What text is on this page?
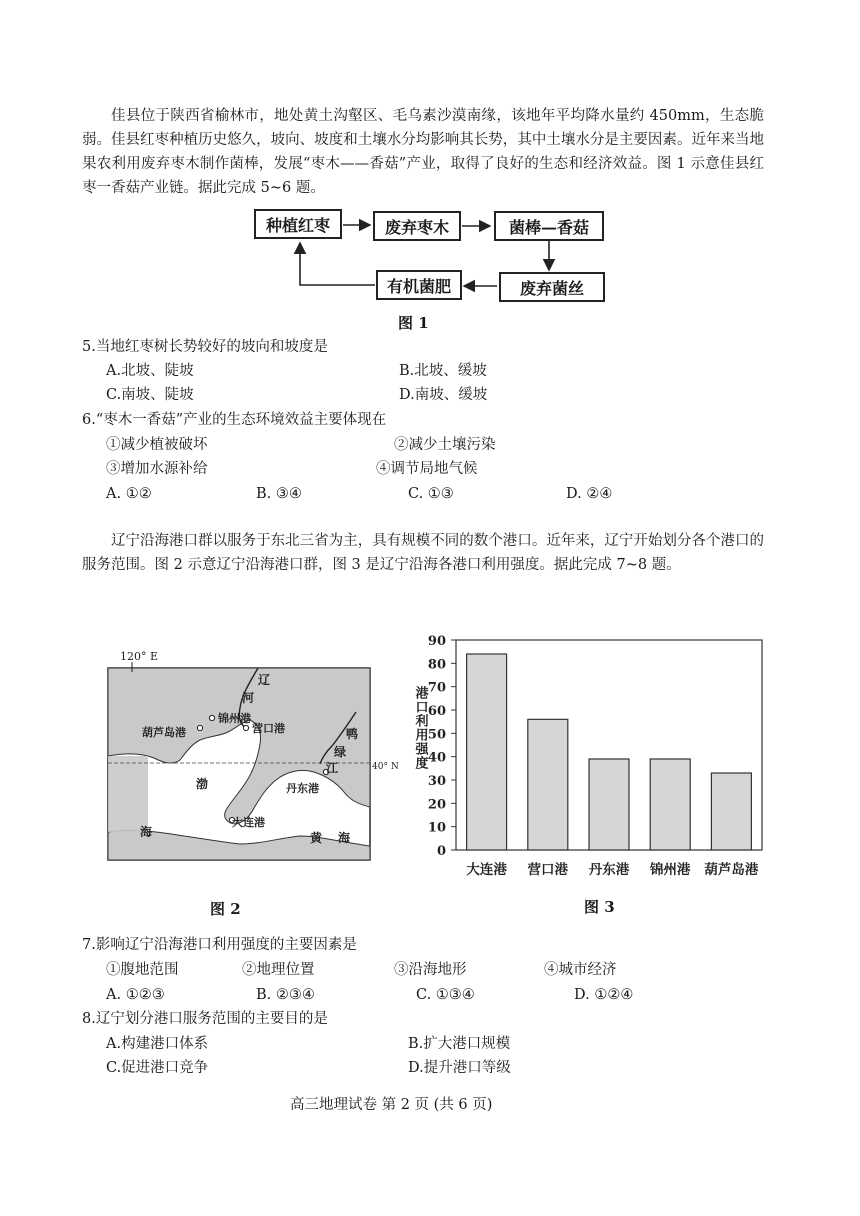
佳县位于陕西省榆林市，地处黄土沟壑区、毛乌素沙漠南缘，该地年平均降水量约 450mm，生态脆弱。佳县红枣种植历史悠久，坡向、坡度和土壤水分均影响其长势，其中土壤水分是主要因素。近年来当地果农利用废弃枣木制作菌棒，发展“枣木——香菇”产业，取得了良好的生态和经济效益。图 1 示意佳县红枣一香菇产业链。据此完成 5~6 题。
种植红枣	废弃枣木	菌棒—香菇
废弃菌丝
有机菌肥
图 1
5.当地红枣树长势较好的坡向和坡度是
A.北坡、陡坡	B.北坡、缓坡
C.南坡、陡坡	D.南坡、缓坡
6.“枣木一香菇”产业的生态环境效益主要体现在
①减少植被破坏	②减少土壤污染
③增加水源补给	④调节局地气候
A. ①②	B. ③④	C. ①③	D. ②④
辽宁沿海港口群以服务于东北三省为主，具有规模不同的数个港口。近年来，辽宁开始划分各个港口的服务范围。图 2 示意辽宁沿海港口群，图 3 是辽宁沿海各港口利用强度。据此完成 7~8 题。
120° E
40° N
辽
河
锦州港
葫芦岛港	营口港	鸭
绿
江
丹东港
渤
大连港
黄 海
海
图 2
0
10
20
30
40
50
60
70
80
90
大连港 营口港 丹东港 锦州港 葫芦岛港
港口利用强度
图 3
7.影响辽宁沿海港口利用强度的主要因素是
①腹地范围	②地理位置	③沿海地形	④城市经济
A. ①②③	B. ②③④	C. ①③④	D. ①②④
8.辽宁划分港口服务范围的主要目的是
A.构建港口体系	B.扩大港口规模
C.促进港口竞争	D.提升港口等级
高三地理试卷 第 2 页 (共 6 页)
